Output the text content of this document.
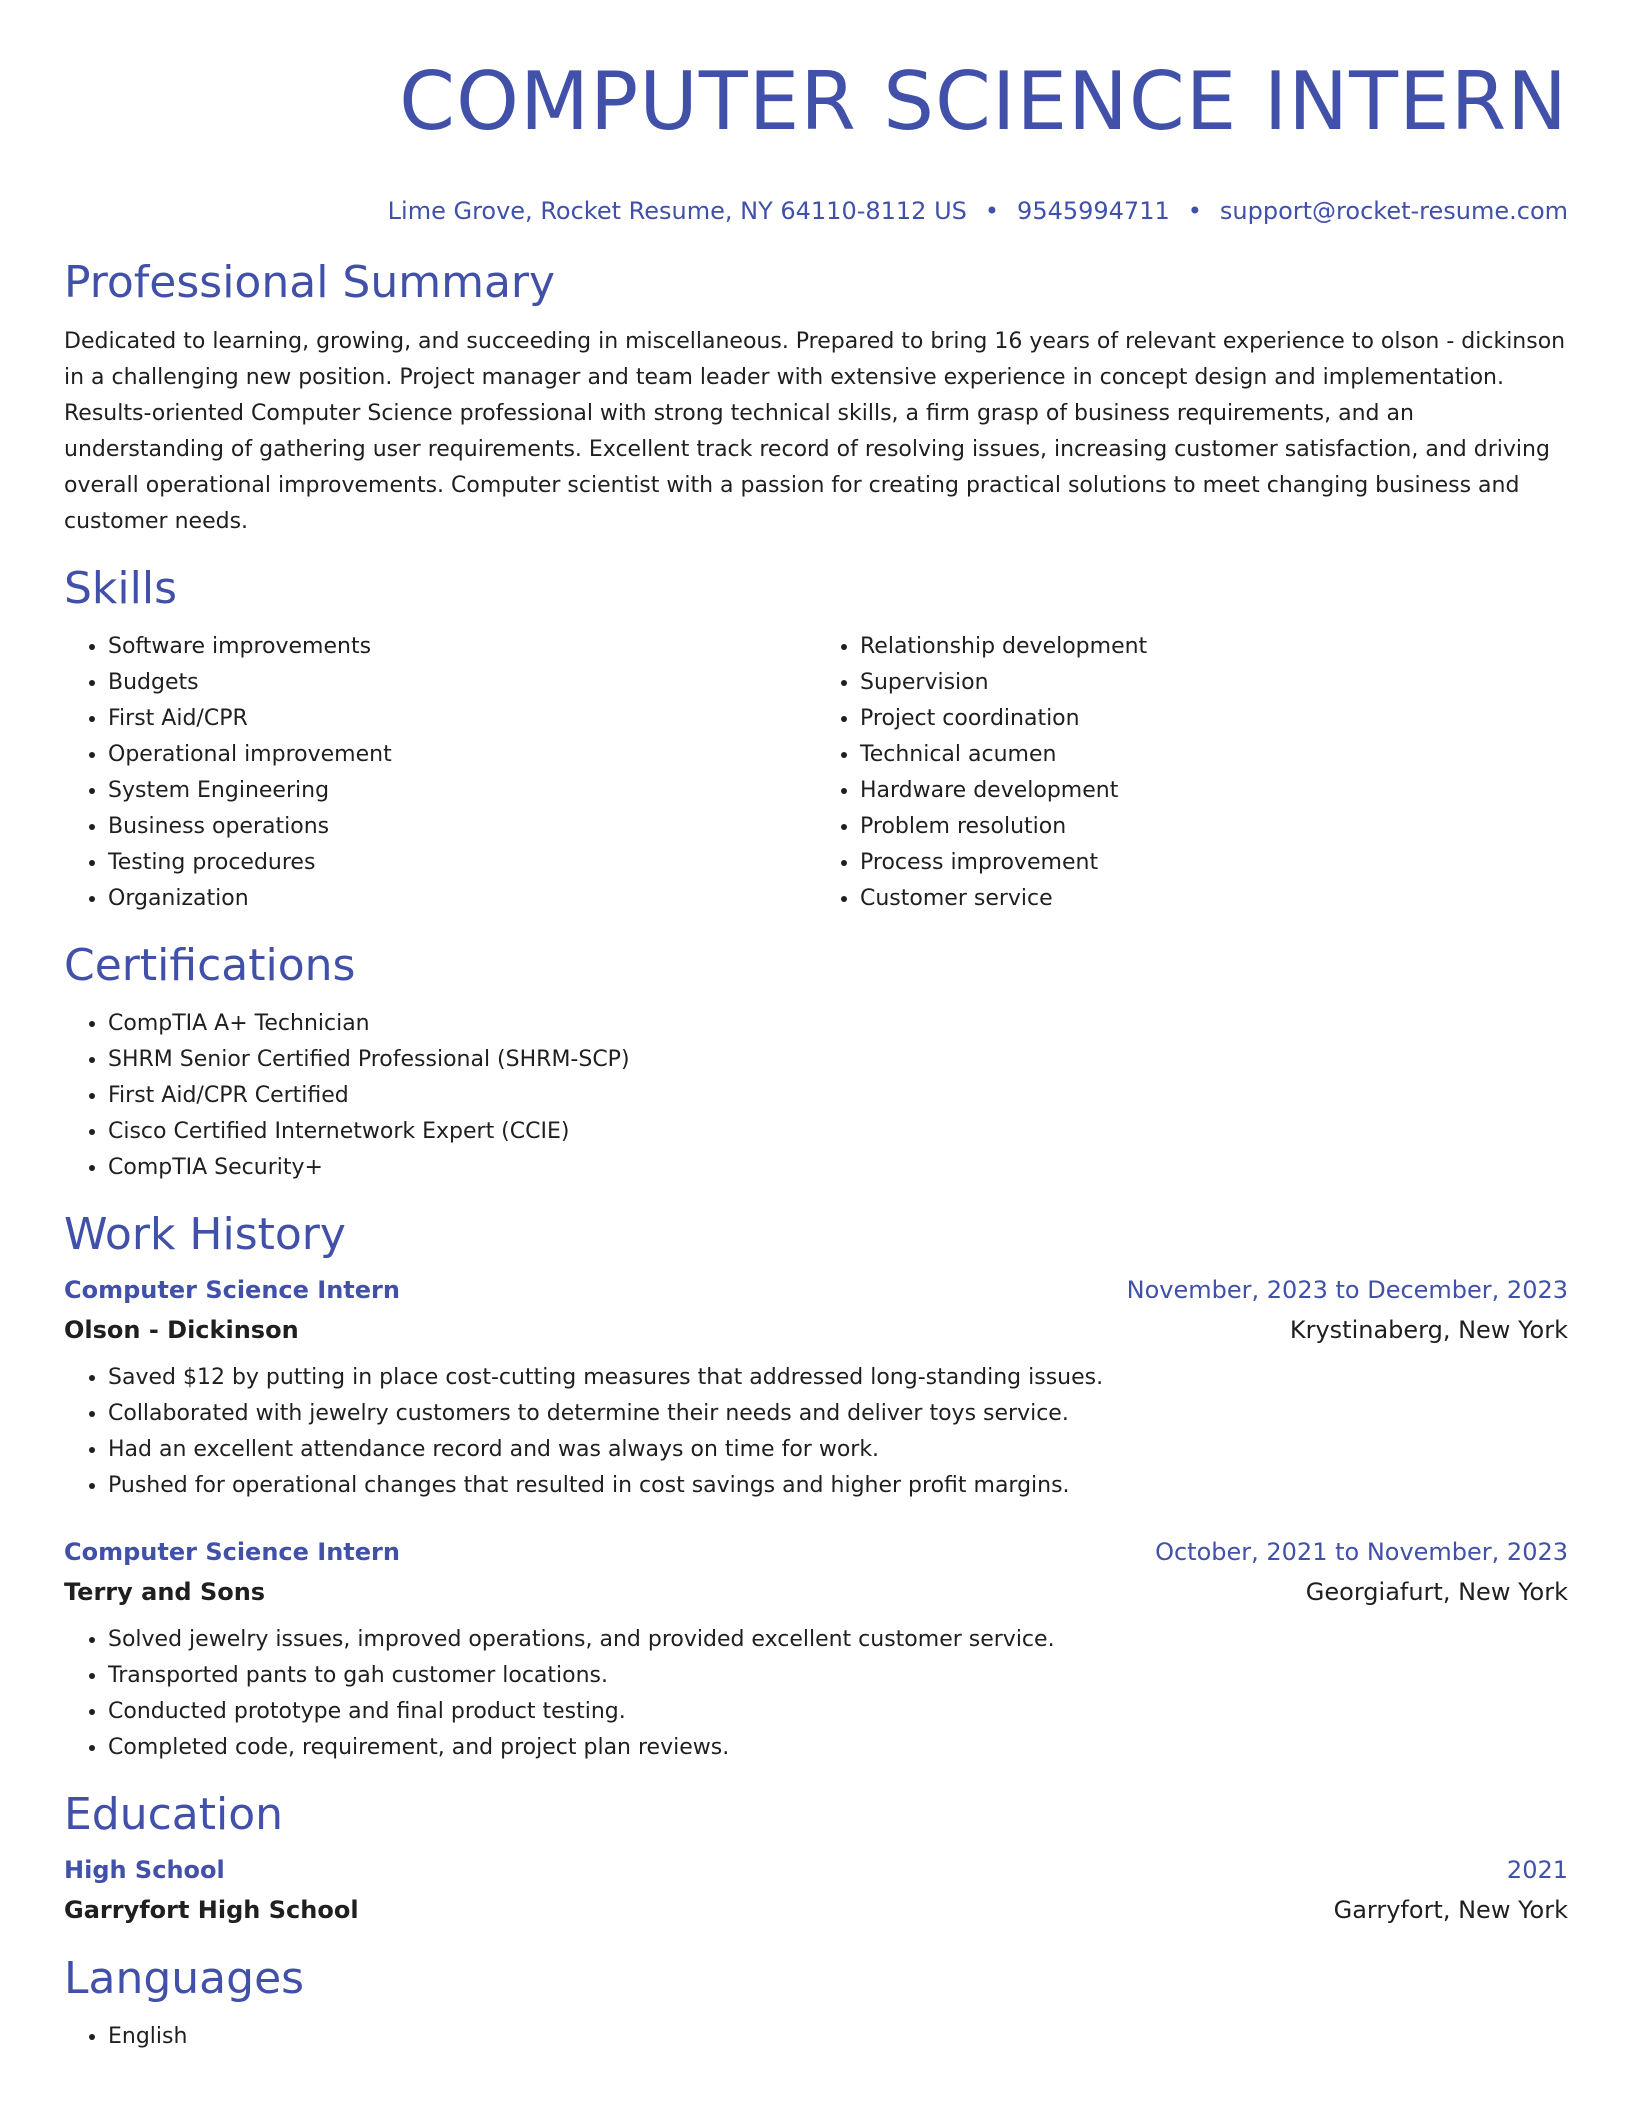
COMPUTER SCIENCE INTERN
Lime Grove, Rocket Resume, NY 64110-8112 US • 9545994711 • support@rocket-resume.com
Professional Summary

Dedicated to learning, growing, and succeeding in miscellaneous. Prepared to bring 16 years of relevant experience to olson - dickinson in a challenging new position. Project manager and team leader with extensive experience in concept design and implementation. Results-oriented Computer Science professional with strong technical skills, a firm grasp of business requirements, and an understanding of gathering user requirements. Excellent track record of resolving issues, increasing customer satisfaction, and driving overall operational improvements. Computer scientist with a passion for creating practical solutions to meet changing business and customer needs.

Skills
• Software improvements
• Budgets
• First Aid/CPR
• Operational improvement
• System Engineering
• Business operations
• Testing procedures
• Organization
• Relationship development
• Supervision
• Project coordination
• Technical acumen
• Hardware development
• Problem resolution
• Process improvement
• Customer service
Certifications
• CompTIA A+ Technician
• SHRM Senior Certified Professional (SHRM-SCP)
• First Aid/CPR Certified
• Cisco Certified Internetwork Expert (CCIE)
• CompTIA Security+
Work History
Computer Science Intern	November, 2023 to December, 2023
Olson - Dickinson	Krystinaberg, New York
• Saved $12 by putting in place cost-cutting measures that addressed long-standing issues.
• Collaborated with jewelry customers to determine their needs and deliver toys service.
• Had an excellent attendance record and was always on time for work.
• Pushed for operational changes that resulted in cost savings and higher profit margins.
Computer Science Intern	October, 2021 to November, 2023
Terry and Sons	Georgiafurt, New York
• Solved jewelry issues, improved operations, and provided excellent customer service.
• Transported pants to gah customer locations.
• Conducted prototype and final product testing.
• Completed code, requirement, and project plan reviews.
Education
High School	2021
Garryfort High School	Garryfort, New York
Languages
• English
